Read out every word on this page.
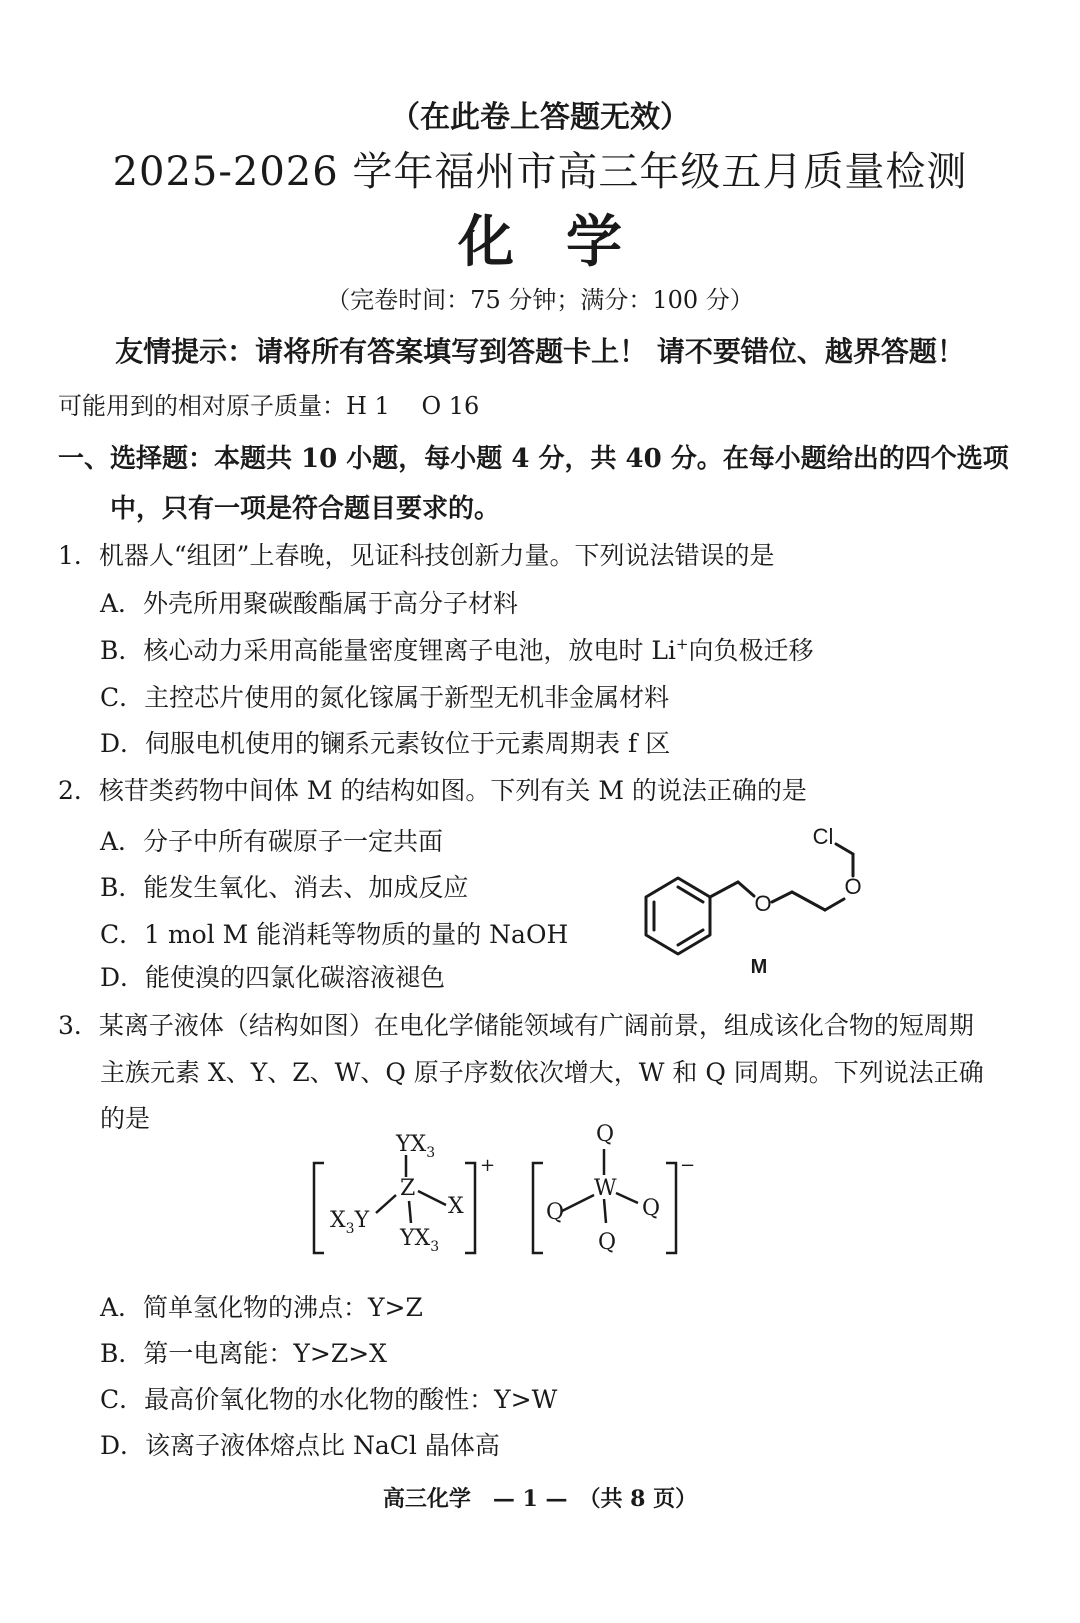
（在此卷上答题无效）
2025-2026 学年福州市高三年级五月质量检测
化学
（完卷时间：75 分钟；满分：100 分）
友情提示：请将所有答案填写到答题卡上！ 请不要错位、越界答题！
可能用到的相对原子质量：H 1　 O 16
一、选择题：本题共 10 小题，每小题 4 分，共 40 分。在每小题给出的四个选项
中，只有一项是符合题目要求的。
1．机器人“组团”上春晚，见证科技创新力量。下列说法错误的是
A．外壳所用聚碳酸酯属于高分子材料
B．核心动力采用高能量密度锂离子电池，放电时 Li+向负极迁移
C．主控芯片使用的氮化镓属于新型无机非金属材料
D．伺服电机使用的镧系元素钕位于元素周期表 f 区
2．核苷类药物中间体 M 的结构如图。下列有关 M 的说法正确的是
A．分子中所有碳原子一定共面
B．能发生氧化、消去、加成反应
C．1 mol M 能消耗等物质的量的 NaOH
D．能使溴的四氯化碳溶液褪色
O
O
Cl
M
3．某离子液体（结构如图）在电化学储能领域有广阔前景，组成该化合物的短周期
主族元素 X、Y、Z、W、Q 原子序数依次增大，W 和 Q 同周期。下列说法正确
的是
$YX_3$
Z
X
$X_3Y$
$YX_3$
+
Q
W
Q	Q
Q
−
A．简单氢化物的沸点：Y>Z
B．第一电离能：Y>Z>X
C．最高价氧化物的水化物的酸性：Y>W
D．该离子液体熔点比 NaCl 晶体高
高三化学　— 1 —　（共 8 页）
